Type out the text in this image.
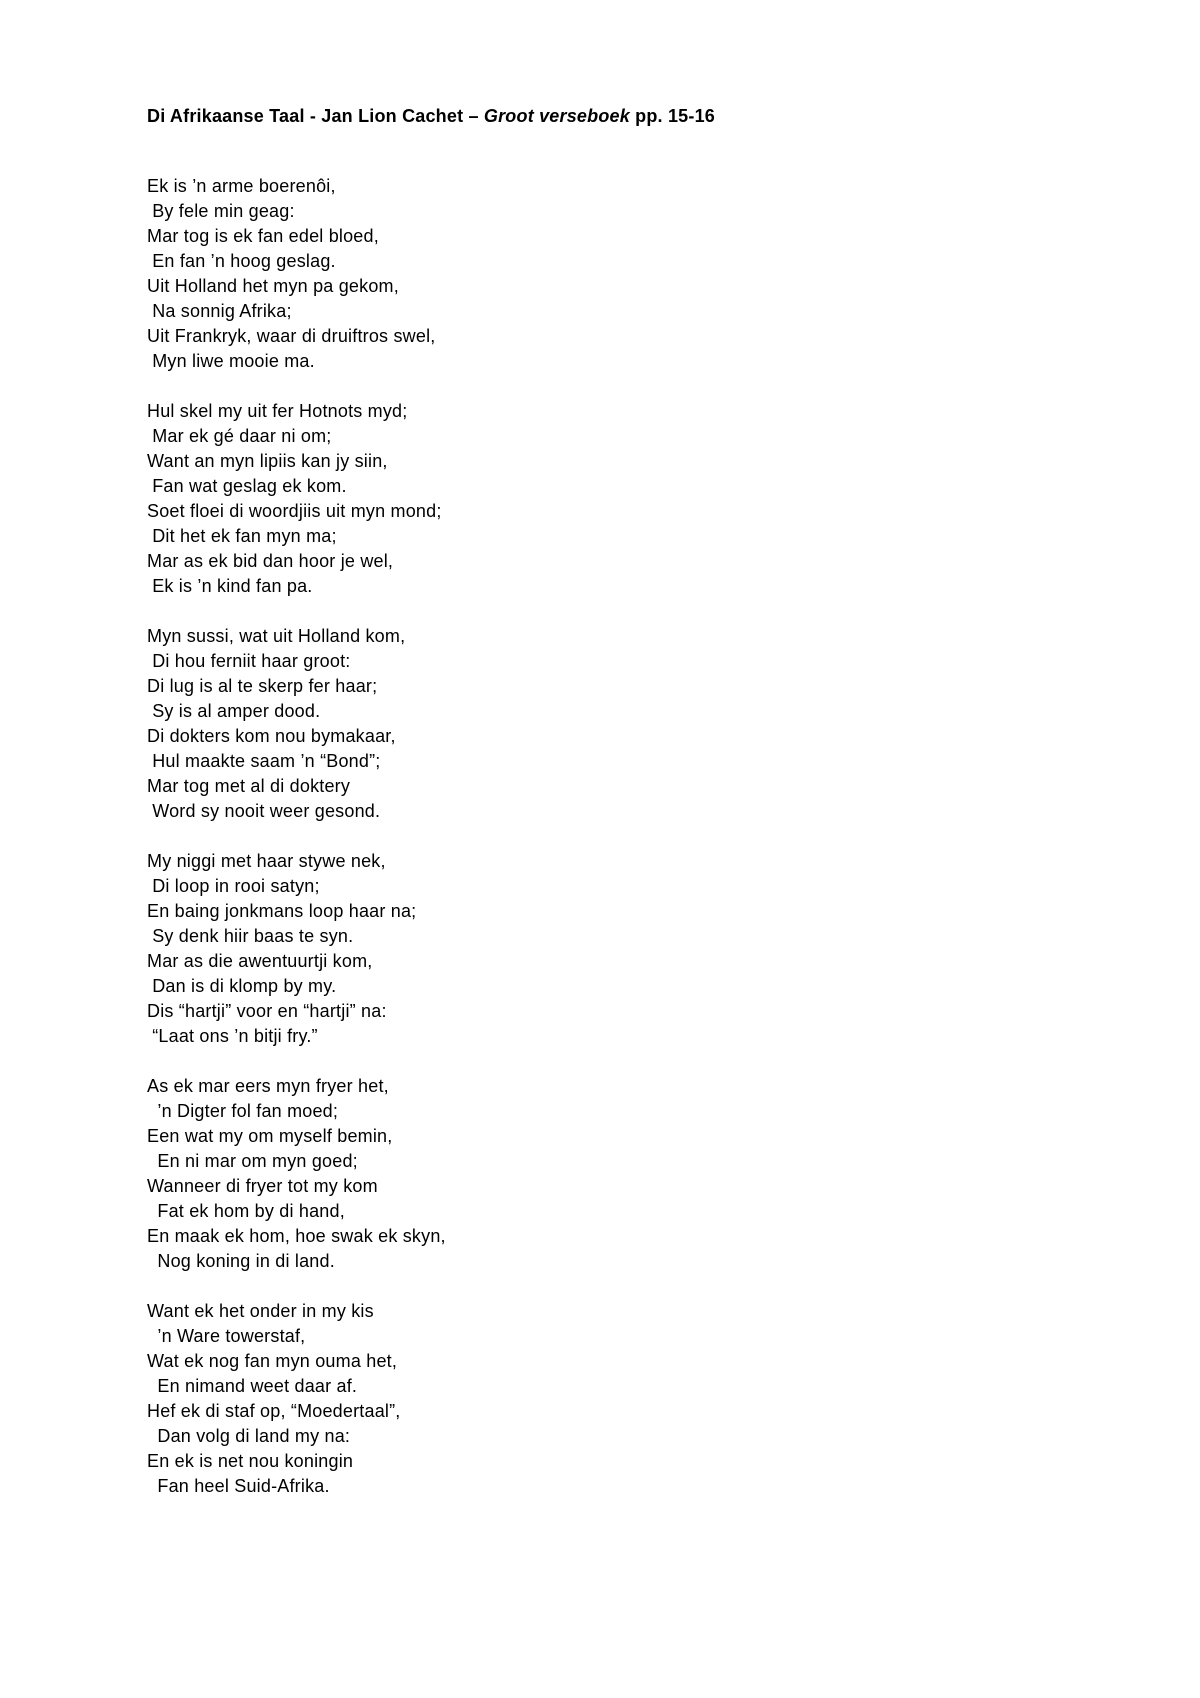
Di Afrikaanse Taal - Jan Lion Cachet – Groot verseboek pp. 15-16
Ek is ’n arme boerenôi,
By fele min geag:
Mar tog is ek fan edel bloed,
En fan ’n hoog geslag.
Uit Holland het myn pa gekom,
Na sonnig Afrika;
Uit Frankryk, waar di druiftros swel,
Myn liwe mooie ma.
Hul skel my uit fer Hotnots myd;
Mar ek gé daar ni om;
Want an myn lipiis kan jy siin,
Fan wat geslag ek kom.
Soet floei di woordjiis uit myn mond;
Dit het ek fan myn ma;
Mar as ek bid dan hoor je wel,
Ek is ’n kind fan pa.
Myn sussi, wat uit Holland kom,
Di hou ferniit haar groot:
Di lug is al te skerp fer haar;
Sy is al amper dood.
Di dokters kom nou bymakaar,
Hul maakte saam ’n “Bond”;
Mar tog met al di doktery
Word sy nooit weer gesond.
My niggi met haar stywe nek,
Di loop in rooi satyn;
En baing jonkmans loop haar na;
Sy denk hiir baas te syn.
Mar as die awentuurtji kom,
Dan is di klomp by my.
Dis “hartji” voor en “hartji” na:
“Laat ons ’n bitji fry.”
As ek mar eers myn fryer het,
’n Digter fol fan moed;
Een wat my om myself bemin,
En ni mar om myn goed;
Wanneer di fryer tot my kom
Fat ek hom by di hand,
En maak ek hom, hoe swak ek skyn,
Nog koning in di land.
Want ek het onder in my kis
’n Ware towerstaf,
Wat ek nog fan myn ouma het,
En nimand weet daar af.
Hef ek di staf op, “Moedertaal”,
Dan volg di land my na:
En ek is net nou koningin
Fan heel Suid-Afrika.
